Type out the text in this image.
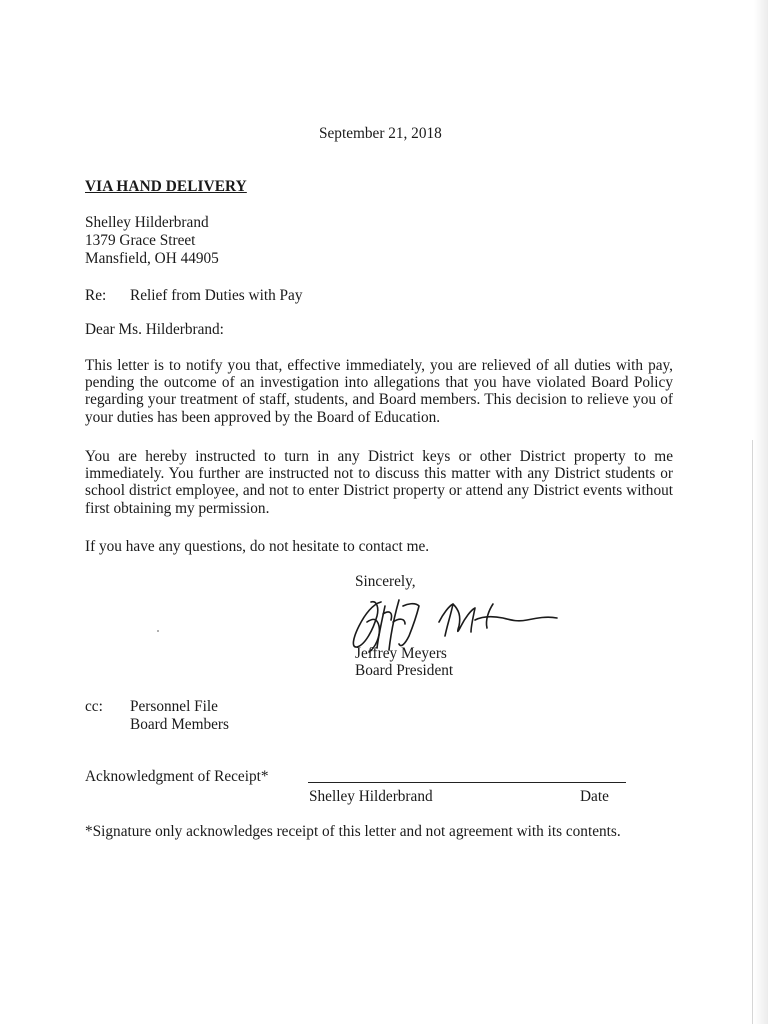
September 21, 2018
VIA HAND DELIVERY
Shelley Hilderbrand
1379 Grace Street
Mansfield, OH 44905
Re: Relief from Duties with Pay
Dear Ms. Hilderbrand:
This letter is to notify you that, effective immediately, you are relieved of all duties with pay, pending the outcome of an investigation into allegations that you have violated Board Policy regarding your treatment of staff, students, and Board members. This decision to relieve you of your duties has been approved by the Board of Education.
You are hereby instructed to turn in any District keys or other District property to me immediately. You further are instructed not to discuss this matter with any District students or school district employee, and not to enter District property or attend any District events without first obtaining my permission.
If you have any questions, do not hesitate to contact me.
Sincerely,
Jeffrey Meyers
Board President
cc: Personnel File
Board Members
Acknowledgment of Receipt*
Shelley Hilderbrand	Date
*Signature only acknowledges receipt of this letter and not agreement with its contents.
